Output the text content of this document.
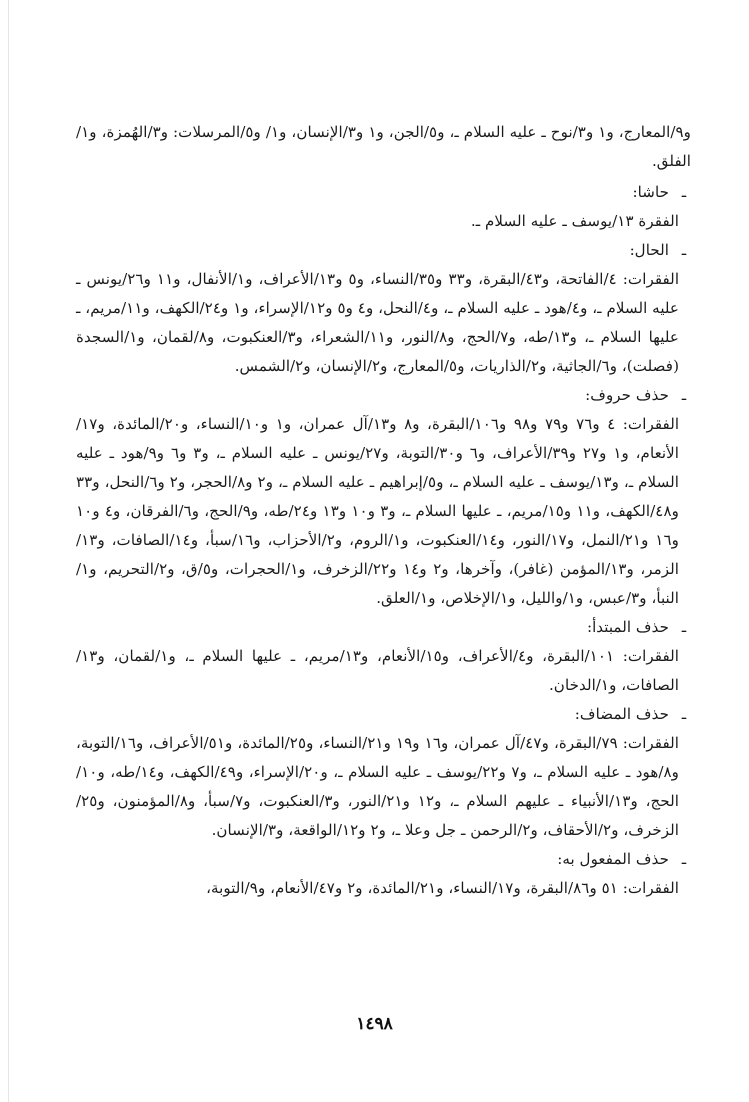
و٩/المعارج، و١ و٣/نوح ـ عليه السلام ـ، و٥/الجن، و١ و٣/الإنسان، و١/ و٥/المرسلات: و٣/الهُمزة، و١/الفلق.

ـ
حاشا:

الفقرة ١٣/يوسف ـ عليه السلام ـ.

ـ
الحال:

الفقرات: ٤/الفاتحة، و٤٣/البقرة، و٣٣ و٣٥/النساء، و٥ و١٣/الأعراف، و١/الأنفال، و١١ و٢٦/يونس ـ عليه السلام ـ، و٤/هود ـ عليه السلام ـ، و٤/النحل، و٤ و٥ و١٢/الإسراء، و١ و٢٤/الكهف، و١١/مريم، ـ عليها السلام ـ، و١٣/طه، و٧/الحج، و٨/النور، و١١/الشعراء، و٣/العنكبوت، و٨/لقمان، و١/السجدة (فصلت)، و٦/الجاثية، و٢/الذاريات، و٥/المعارج، و٢/الإنسان، و٢/الشمس.

ـ
حذف حروف:

الفقرات: ٤ و٧٦ و٧٩ و٩٨ و١٠٦/البقرة، و٨ و١٣/آل عمران، و١ و١٠/النساء، و٢٠/المائدة، و١٧/الأنعام، و١ و٢٧ و٣٩/الأعراف، و٦ و٣٠/التوبة، و٢٧/يونس ـ عليه السلام ـ، و٣ و٦ و٩/هود ـ عليه السلام ـ، و١٣/يوسف ـ عليه السلام ـ، و٥/إبراهيم ـ عليه السلام ـ، و٢ و٨/الحجر، و٢ و٦/النحل، و٣٣ و٤٨/الكهف، و١١ و١٥/مريم، ـ عليها السلام ـ، و٣ و١٠ و١٣ و٢٤/طه، و٩/الحج، و٦/الفرقان، و٤ و١٠ و١٦ و٢١/النمل، و١٧/النور، و١٤/العنكبوت، و١/الروم، و٢/الأحزاب، و١٦/سبأ، و١٤/الصافات، و١٣/الزمر، و١٣/المؤمن (غافر)، وآخرها، و٢ و١٤ و٢٢/الزخرف، و١/الحجرات، و٥/ق، و٢/التحريم، و١/النبأ، و٣/عبس، و١/والليل، و١/الإخلاص، و١/العلق.

ـ
حذف المبتدأ:

الفقرات: ١٠١/البقرة، و٤/الأعراف، و١٥/الأنعام، و١٣/مريم، ـ عليها السلام ـ، و١/لقمان، و١٣/الصافات، و١/الدخان.

ـ
حذف المضاف:

الفقرات: ٧٩/البقرة، و٤٧/آل عمران، و١٦ و١٩ و٢١/النساء، و٢٥/المائدة، و٥١/الأعراف، و١٦/التوبة، و٨/هود ـ عليه السلام ـ، و٧ و٢٢/يوسف ـ عليه السلام ـ، و٢٠/الإسراء، و٤٩/الكهف، و١٤/طه، و١٠/الحج، و١٣/الأنبياء ـ عليهم السلام ـ، و١٢ و٢١/النور، و٣/العنكبوت، و٧/سبأ، و٨/المؤمنون، و٢٥/الزخرف، و٢/الأحقاف، و٢/الرحمن ـ جل وعلا ـ، و٢ و١٢/الواقعة، و٣/الإنسان.

ـ
حذف المفعول به:

الفقرات: ٥١ و٨٦/البقرة، و١٧/النساء، و٢١/المائدة، و٢ و٤٧/الأنعام، و٩/التوبة،

١٤٩٨
